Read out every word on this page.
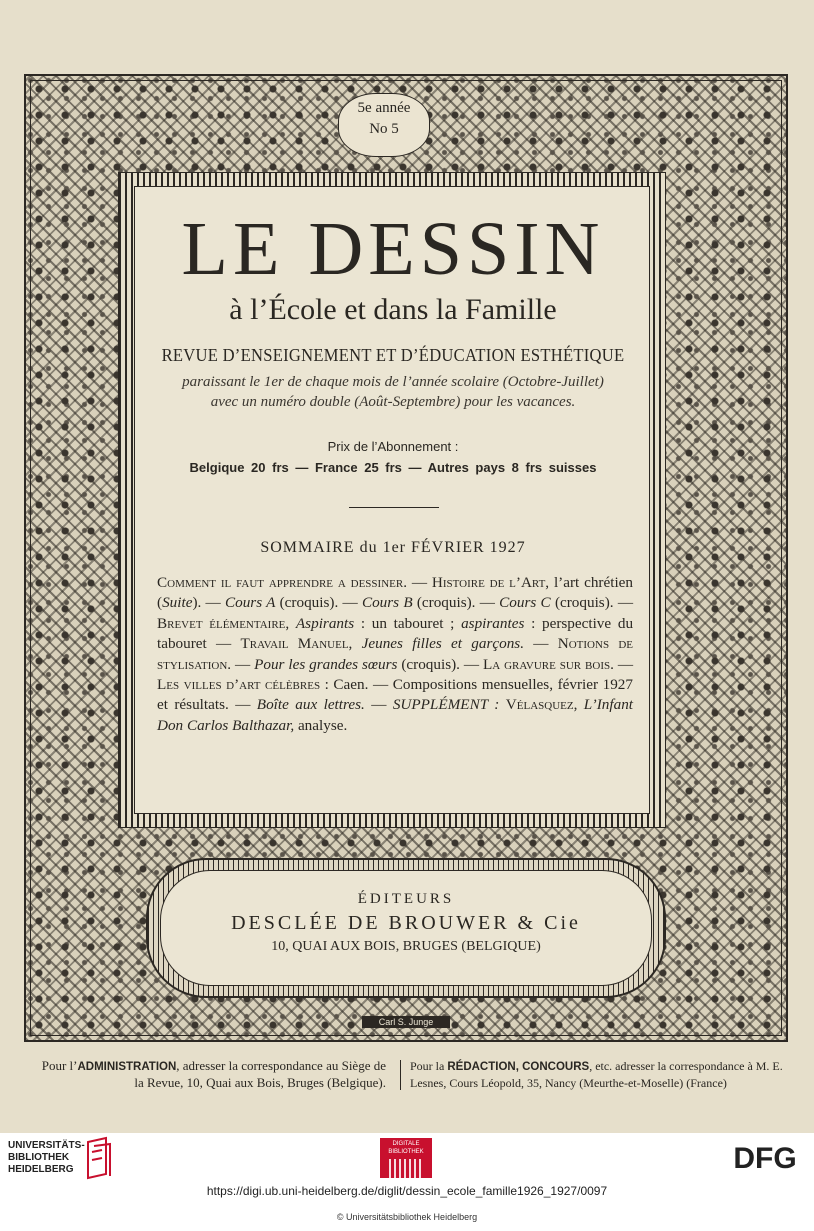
5e année
No 5
LE DESSIN
à l’École et dans la Famille
REVUE D’ENSEIGNEMENT ET D’ÉDUCATION ESTHÉTIQUE
paraissant le 1er de chaque mois de l’année scolaire (Octobre-Juillet)
avec un numéro double (Août-Septembre) pour les vacances.
Prix de l’Abonnement :
Belgique 20 frs — France 25 frs — Autres pays 8 frs suisses
SOMMAIRE du 1er FÉVRIER 1927
Comment il faut apprendre a dessiner. — Histoire de l’Art, l’art chrétien (Suite). — Cours A (croquis). — Cours B (croquis). — Cours C (croquis). — Brevet élémentaire, Aspirants : un tabouret ; aspirantes : perspective du tabouret — Travail Manuel, Jeunes filles et garçons. — Notions de stylisation. — Pour les grandes sœurs (croquis). — La gravure sur bois. — Les villes d’art célèbres : Caen. — Compositions mensuelles, février 1927 et résultats. — Boîte aux lettres. — SUPPLÉMENT : Vélasquez, L’Infant Don Carlos Balthazar, analyse.
ÉDITEURS
DESCLÉE DE BROUWER & Cie
10, QUAI AUX BOIS, BRUGES (BELGIQUE)
Carl S. Junge
Pour l’ADMINISTRATION, adresser la correspondance au Siège de la Revue, 10, Quai aux Bois, Bruges (Belgique).
Pour la RÉDACTION, CONCOURS, etc. adresser la correspondance à M. E. Lesnes, Cours Léopold, 35, Nancy (Meurthe-et-Moselle) (France)
UNIVERSITÄTS-
BIBLIOTHEK
HEIDELBERG
DIGITALE BIBLIOTHEK	DFG
https://digi.ub.uni-heidelberg.de/diglit/dessin_ecole_famille1926_1927/0097
© Universitätsbibliothek Heidelberg
